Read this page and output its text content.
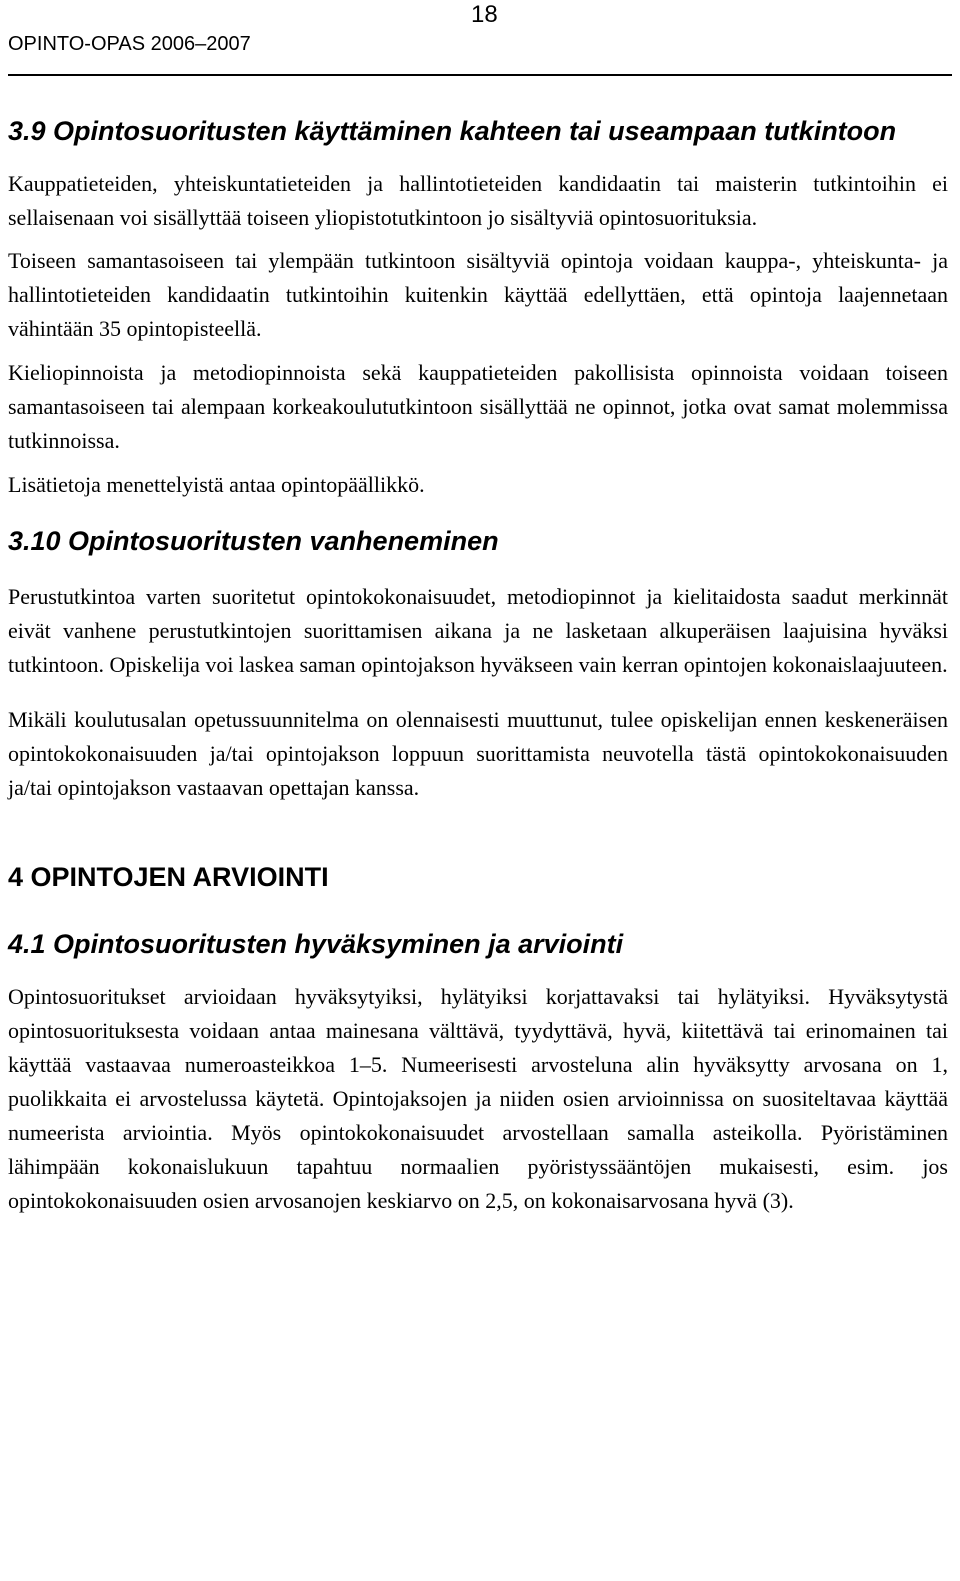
18
OPINTO-OPAS 2006–2007
3.9 Opintosuoritusten käyttäminen kahteen tai useampaan tutkintoon

Kauppatieteiden, yhteiskuntatieteiden ja hallintotieteiden kandidaatin tai maisterin tutkintoihin ei sellaisenaan voi sisällyttää toiseen yliopistotutkintoon jo sisältyviä opintosuorituksia.

Toiseen samantasoiseen tai ylempään tutkintoon sisältyviä opintoja voidaan kauppa-, yhteiskunta- ja hallintotieteiden kandidaatin tutkintoihin kuitenkin käyttää edellyttäen, että opintoja laajennetaan vähintään 35 opintopisteellä.

Kieliopinnoista ja metodiopinnoista sekä kauppatieteiden pakollisista opinnoista voidaan toiseen samantasoiseen tai alempaan korkeakoulututkintoon sisällyttää ne opinnot, jotka ovat samat molemmissa tutkinnoissa.

Lisätietoja menettelyistä antaa opintopäällikkö.

3.10 Opintosuoritusten vanheneminen

Perustutkintoa varten suoritetut opintokokonaisuudet, metodiopinnot ja kielitaidosta saadut merkinnät eivät vanhene perustutkintojen suorittamisen aikana ja ne lasketaan alkuperäisen laajuisina hyväksi tutkintoon. Opiskelija voi laskea saman opintojakson hyväkseen vain kerran opintojen kokonaislaajuuteen.

Mikäli koulutusalan opetussuunnitelma on olennaisesti muuttunut, tulee opiskelijan ennen keskeneräisen opintokokonaisuuden ja/tai opintojakson loppuun suorittamista neuvotella tästä opintokokonaisuuden ja/tai opintojakson vastaavan opettajan kanssa.

4 OPINTOJEN ARVIOINTI
4.1 Opintosuoritusten hyväksyminen ja arviointi

Opintosuoritukset arvioidaan hyväksytyiksi, hylätyiksi korjattavaksi tai hylätyiksi. Hyväksytystä opintosuorituksesta voidaan antaa mainesana välttävä, tyydyttävä, hyvä, kiitettävä tai erinomainen tai käyttää vastaavaa numeroasteikkoa 1–5. Numeerisesti arvosteluna alin hyväksytty arvosana on 1, puolikkaita ei arvostelussa käytetä. Opintojaksojen ja niiden osien arvioinnissa on suositeltavaa käyttää numeerista arviointia. Myös opintokokonaisuudet arvostellaan samalla asteikolla. Pyöristäminen lähimpään kokonaislukuun tapahtuu normaalien pyöristyssääntöjen mukaisesti, esim. jos opintokokonaisuuden osien arvosanojen keskiarvo on 2,5, on kokonaisarvosana hyvä (3).
